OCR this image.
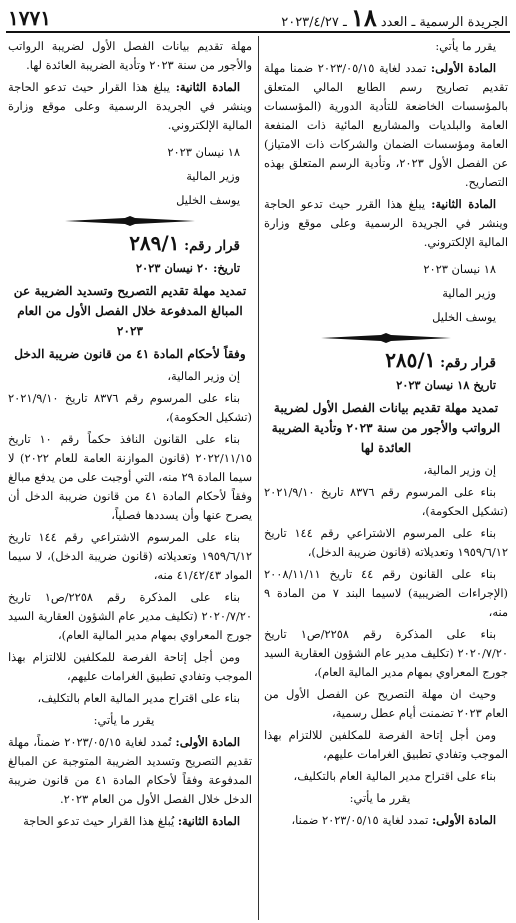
الجريدة الرسمية ـ العدد ١٨ ـ ٢٠٢٣/٤/٢٧
١٧٧١

يقرر ما يأتي:

المادة الأولى: تمدد لغاية ٢٠٢٣/٠٥/١٥ ضمنا مهلة تقديم تصاريح رسم الطابع المالي المتعلق بالمؤسسات الخاضعة للتأدية الدورية (المؤسسات العامة والبلديات والمشاريع المائية ذات المنفعة العامة ومؤسسات الضمان والشركات ذات الامتياز) عن الفصل الأول ٢٠٢٣، وتأدية الرسم المتعلق بهذه التصاريح.

المادة الثانية: يبلغ هذا القرر حيث تدعو الحاجة وينشر في الجريدة الرسمية وعلى موقع وزارة المالية الإلكتروني.

١٨ نيسان ٢٠٢٣

وزير المالية

يوسف الخليل

قرار رقم: ٢٨٥/١

تاريخ ١٨ نيسان ٢٠٢٣

تمديد مهلة تقديم بيانات الفصل الأول لضريبة الرواتب والأجور من سنة ٢٠٢٣ وتأدية الضريبة العائدة لها

إن وزير المالية،

بناء على المرسوم رقم ٨٣٧٦ تاريخ ٢٠٢١/٩/١٠ (تشكيل الحكومة)،

بناء على المرسوم الاشتراعي رقم ١٤٤ تاريخ ١٩٥٩/٦/١٢ وتعديلاته (قانون ضريبة الدخل)،

بناء على القانون رقم ٤٤ تاريخ ٢٠٠٨/١١/١١ (الإجراءات الضريبية) لاسيما البند ٧ من المادة ٩ منه،

بناء على المذكرة رقم ٢٢٥٨/ص١ تاريخ ٢٠٢٠/٧/٢٠ (تكليف مدير عام الشؤون العقارية السيد جورج المعراوي بمهام مدير المالية العام)،

وحيث ان مهلة التصريح عن الفصل الأول من العام ٢٠٢٣ تضمنت أيام عطل رسمية،

ومن أجل إتاحة الفرصة للمكلفين للالتزام بهذا الموجب وتفادي تطبيق الغرامات عليهم،

بناء على اقتراح مدير المالية العام بالتكليف،

يقرر ما يأتي:

المادة الأولى: تمدد لغاية ٢٠٢٣/٠٥/١٥ ضمنا،

مهلة تقديم بيانات الفصل الأول لضريبة الرواتب والأجور من سنة ٢٠٢٣ وتأدية الضريبة العائدة لها.

المادة الثانية: يبلغ هذا القرار حيث تدعو الحاجة وينشر في الجريدة الرسمية وعلى موقع وزارة المالية الإلكتروني.

١٨ نيسان ٢٠٢٣

وزير المالية

يوسف الخليل

قرار رقم: ٢٨٩/١

تاريخ: ٢٠ نيسان ٢٠٢٣

تمديد مهلة تقديم التصريح وتسديد الضريبة عن المبالغ المدفوعة خلال الفصل الأول من العام ٢٠٢٣

وفقاً لأحكام المادة ٤١ من قانون ضريبة الدخل

إن وزير المالية،

بناء على المرسوم رقم ٨٣٧٦ تاريخ ٢٠٢١/٩/١٠ (تشكيل الحكومة)،

بناء على القانون النافذ حكماً رقم ١٠ تاريخ ٢٠٢٢/١١/١٥ (قانون الموازنة العامة للعام ٢٠٢٢) لا سيما المادة ٢٩ منه، التي أوجبت على من يدفع مبالغ وفقاً لأحكام المادة ٤١ من قانون ضريبة الدخل أن يصرح عنها وأن يسددها فصلياً،

بناء على المرسوم الاشتراعي رقم ١٤٤ تاريخ ١٩٥٩/٦/١٢ وتعديلاته (قانون ضريبة الدخل)، لا سيما المواد ٤١/٤٢/٤٣ منه،

بناء على المذكرة رقم ٢٢٥٨/ص١ تاريخ ٢٠٢٠/٧/٢٠ (تكليف مدير عام الشؤون العقارية السيد جورج المعراوي بمهام مدير المالية العام)،

ومن أجل إتاحة الفرصة للمكلفين للالتزام بهذا الموجب وتفادي تطبيق الغرامات عليهم،

بناء على اقتراح مدير المالية العام بالتكليف،

يقرر ما يأتي:

المادة الأولى: تُمدد لغاية ٢٠٢٣/٠٥/١٥ ضمناً، مهلة تقديم التصريح وتسديد الضريبة المتوجبة عن المبالغ المدفوعة وفقاً لأحكام المادة ٤١ من قانون ضريبة الدخل خلال الفصل الأول من العام ٢٠٢٣.

المادة الثانية: يُبلغ هذا القرار حيث تدعو الحاجة
